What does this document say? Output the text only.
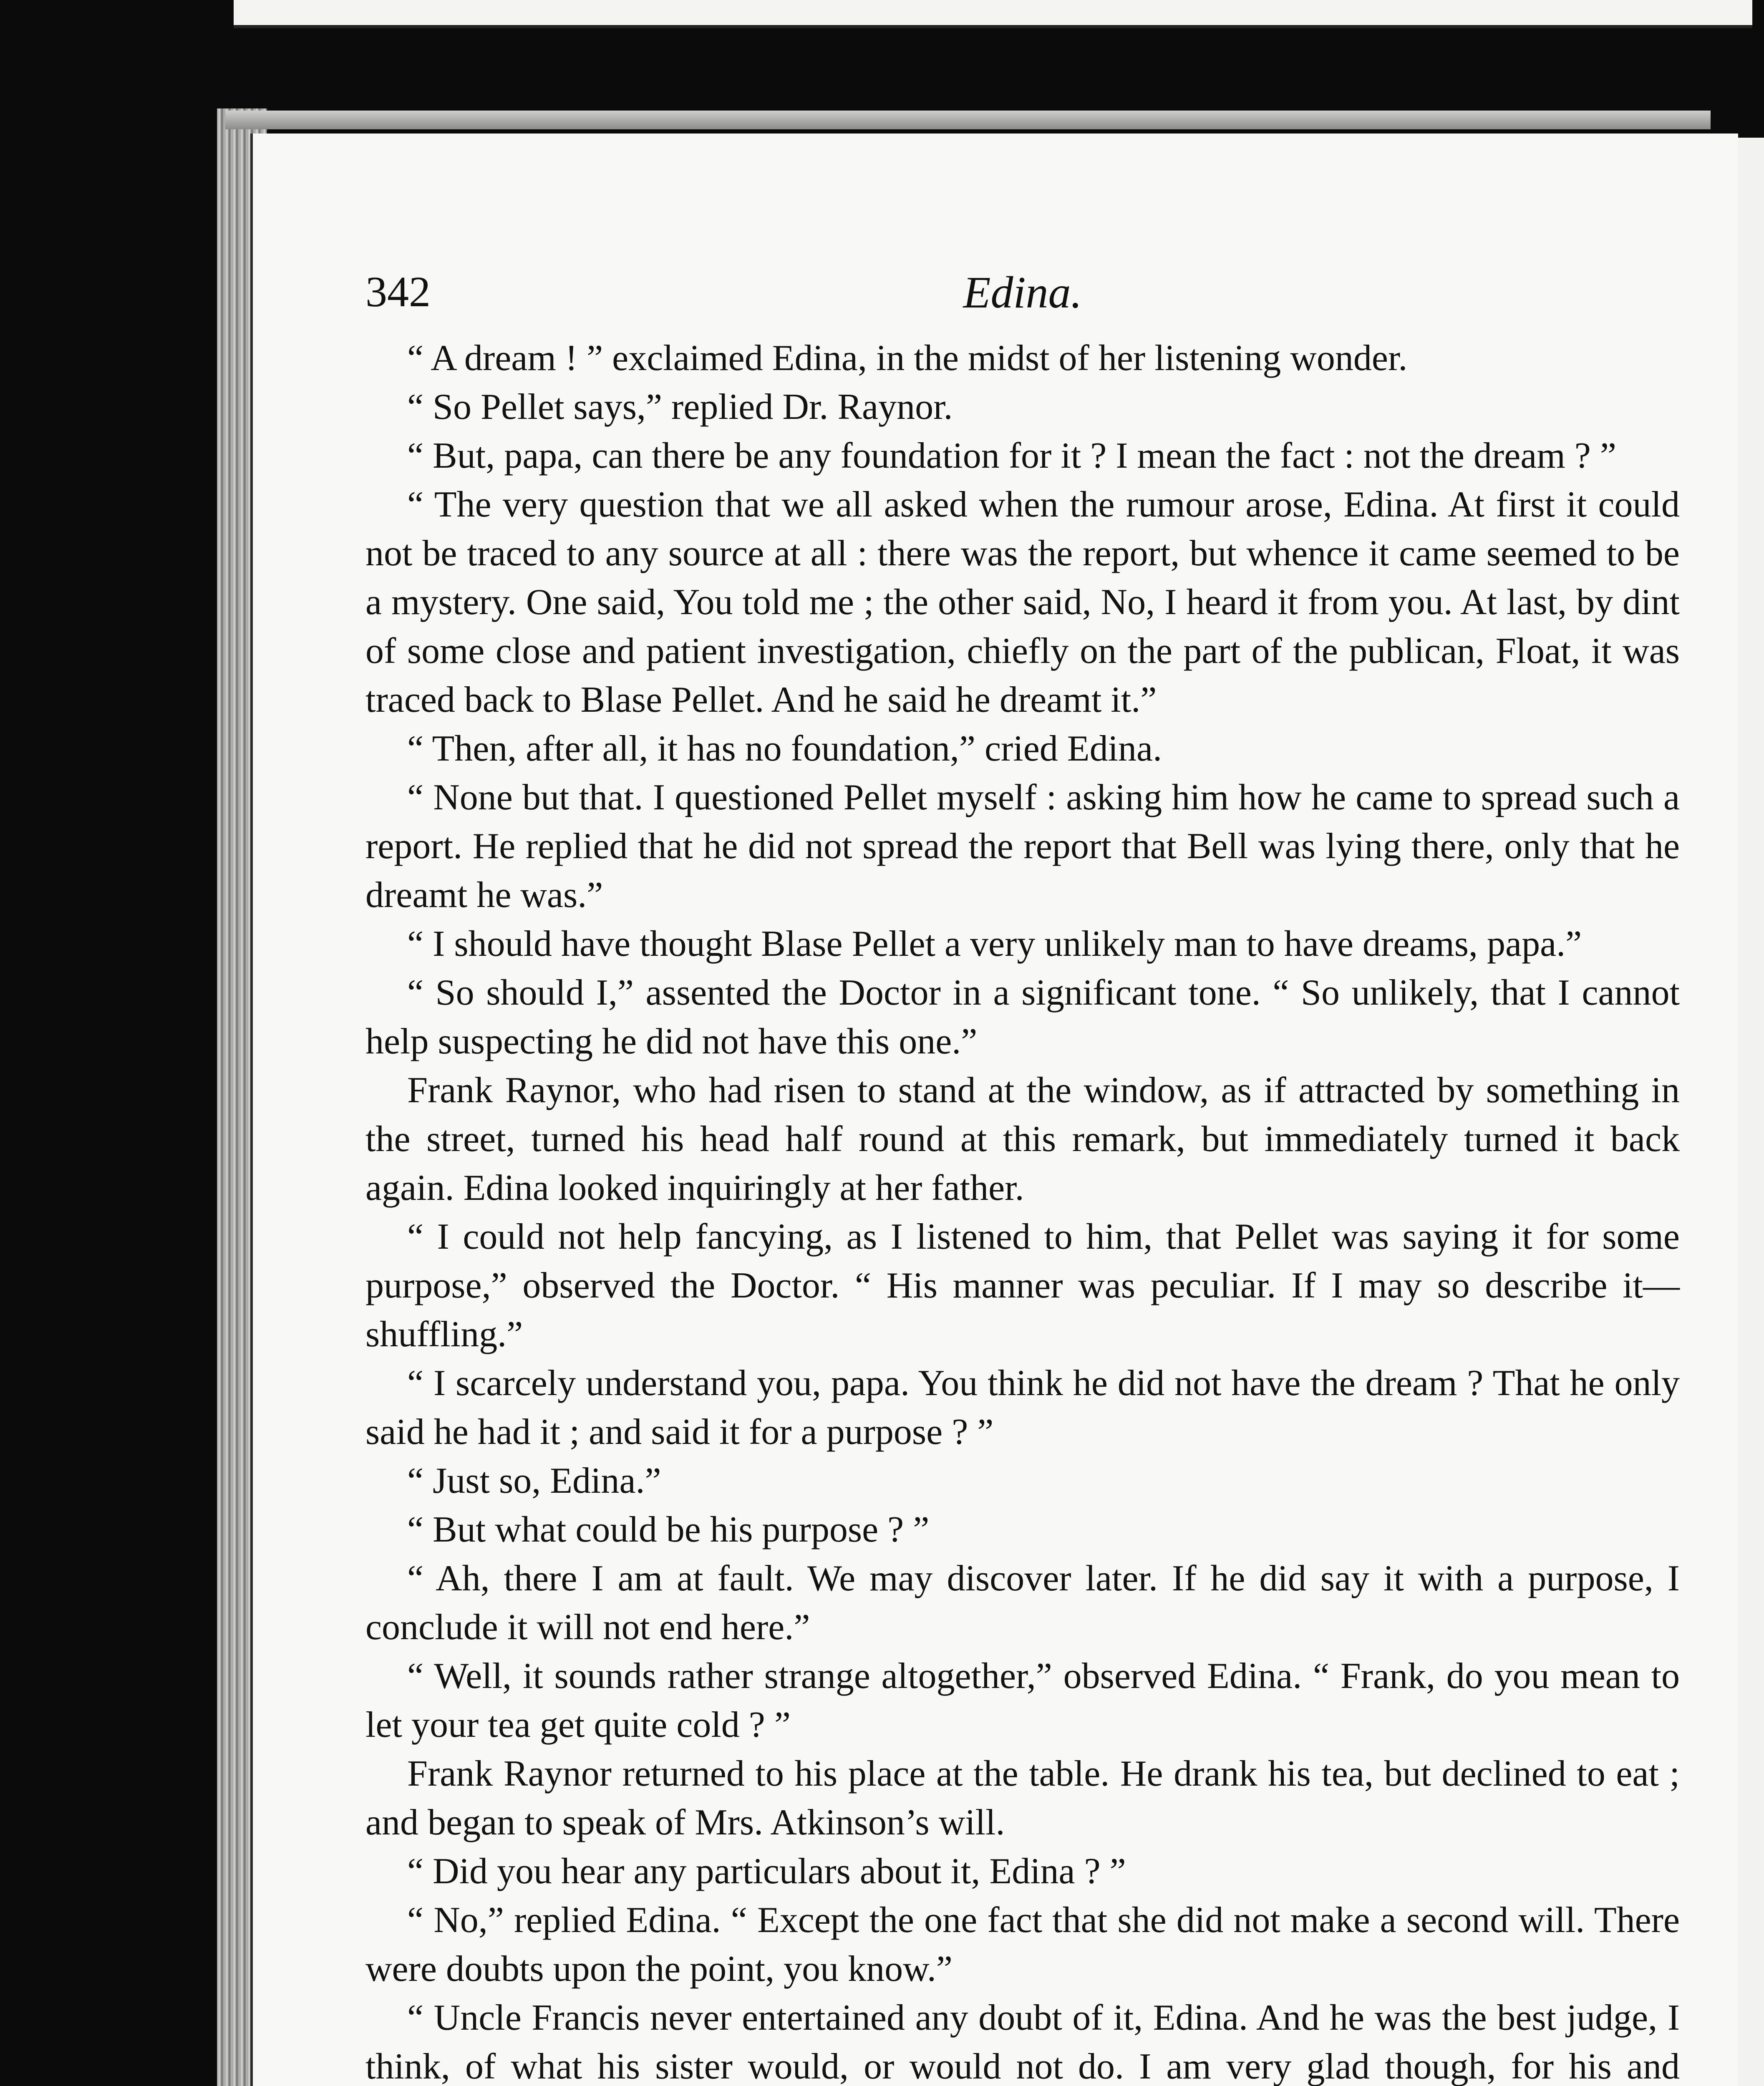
342	Edina.

“ A dream ! ” exclaimed Edina, in the midst of her listening wonder.

“ So Pellet says,” replied Dr. Raynor.

“ But, papa, can there be any foundation for it ? I mean the fact : not the dream ? ”

“ The very question that we all asked when the rumour arose, Edina. At first it could not be traced to any source at all : there was the report, but whence it came seemed to be a mystery. One said, You told me ; the other said, No, I heard it from you. At last, by dint of some close and patient investigation, chiefly on the part of the publican, Float, it was traced back to Blase Pellet. And he said he dreamt it.”

“ Then, after all, it has no foundation,” cried Edina.

“ None but that. I questioned Pellet myself : asking him how he came to spread such a report. He replied that he did not spread the report that Bell was lying there, only that he dreamt he was.”

“ I should have thought Blase Pellet a very unlikely man to have dreams, papa.”

“ So should I,” assented the Doctor in a significant tone. “ So unlikely, that I cannot help suspecting he did not have this one.”

Frank Raynor, who had risen to stand at the window, as if attracted by something in the street, turned his head half round at this remark, but immediately turned it back again. Edina looked inquiringly at her father.

“ I could not help fancying, as I listened to him, that Pellet was saying it for some purpose,” observed the Doctor. “ His manner was peculiar. If I may so describe it—shuffling.”

“ I scarcely understand you, papa. You think he did not have the dream ? That he only said he had it ; and said it for a purpose ? ”

“ Just so, Edina.”

“ But what could be his purpose ? ”

“ Ah, there I am at fault. We may discover later. If he did say it with a purpose, I conclude it will not end here.”

“ Well, it sounds rather strange altogether,” observed Edina. “ Frank, do you mean to let your tea get quite cold ? ”

Frank Raynor returned to his place at the table. He drank his tea, but declined to eat ; and began to speak of Mrs. Atkinson’s will.

“ Did you hear any particulars about it, Edina ? ”

“ No,” replied Edina. “ Except the one fact that she did not make a second will. There were doubts upon the point, you know.”

“ Uncle Francis never entertained any doubt of it, Edina. And he was the best judge, I think, of what his sister would, or would not do. I am very glad though, for his and
